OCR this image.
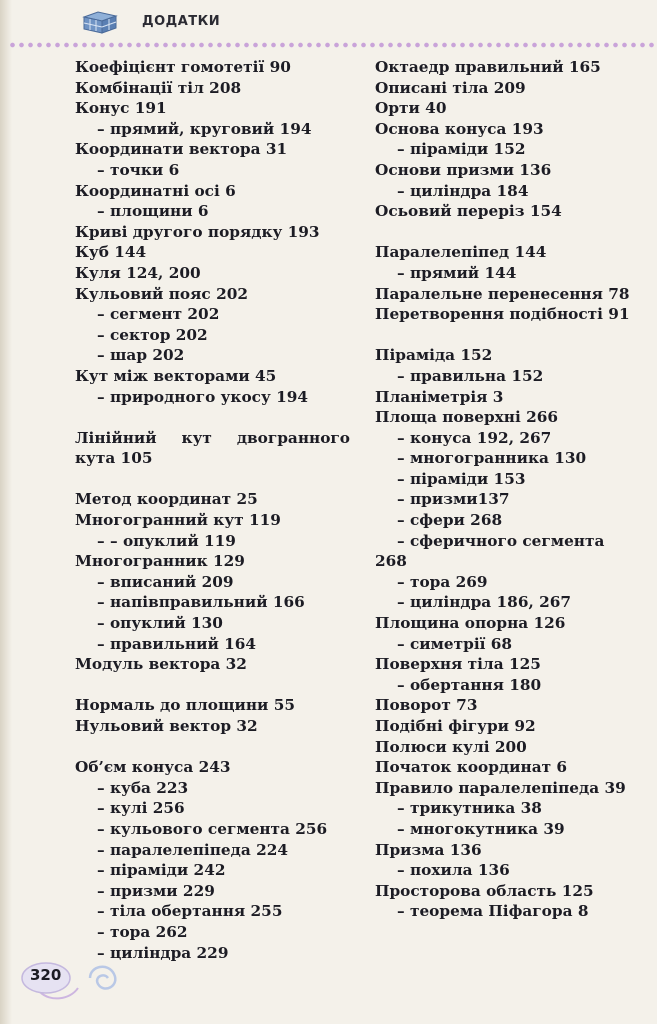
ДОДАТКИ
Коефіцієнт гомотетії 90
Комбінації тіл 208
Конус 191
– прямий, круговий 194
Координати вектора 31
– точки 6
Координатні осі 6
– площини 6
Криві другого порядку 193
Куб 144
Куля 124, 200
Кульовий пояс 202
– сегмент 202
– сектор 202
– шар 202
Кут між векторами 45
– природного укосу 194
Лінійний кут двогранного
кута 105
Метод координат 25
Многогранний кут 119
– – опуклий 119
Многогранник 129
– вписаний 209
– напівправильний 166
– опуклий 130
– правильний 164
Модуль вектора 32
Нормаль до площини 55
Нульовий вектор 32
Об’єм конуса 243
– куба 223
– кулі 256
– кульового сегмента 256
– паралелепіпеда 224
– піраміди 242
– призми 229
– тіла обертання 255
– тора 262
– циліндра 229
Октаедр правильний 165
Описані тіла 209
Орти 40
Основа конуса 193
– піраміди 152
Основи призми 136
– циліндра 184
Осьовий переріз 154
Паралелепіпед 144
– прямий 144
Паралельне перенесення 78
Перетворення подібності 91
Піраміда 152
– правильна 152
Планіметрія 3
Площа поверхні 266
– конуса 192, 267
– многогранника 130
– піраміди 153
– призми137
– сфери 268
– сферичного сегмента
268
– тора 269
– циліндра 186, 267
Площина опорна 126
– симетрії 68
Поверхня тіла 125
– обертання 180
Поворот 73
Подібні фігури 92
Полюси кулі 200
Початок координат 6
Правило паралелепіпеда 39
– трикутника 38
– многокутника 39
Призма 136
– похила 136
Просторова область 125
– теорема Піфагора 8
320
